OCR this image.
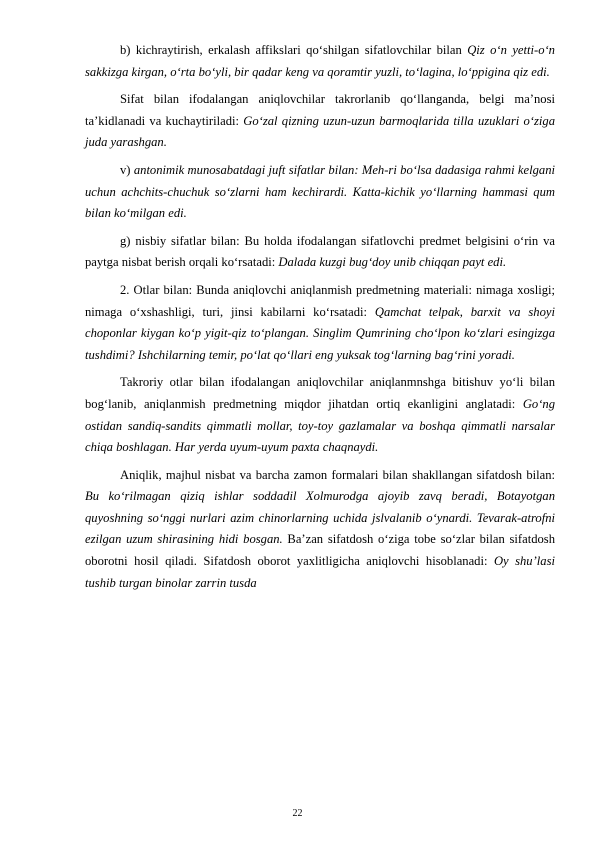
b) kichraytirish, erkalash affikslari qo‘shilgan sifatlovchilar bilan Qiz o‘n yetti-o‘n sakkizga kirgan, o‘rta bo‘yli, bir qadar keng va qoramtir yuzli, to‘lagina, lo‘ppigina qiz edi.

Sifat bilan ifodalangan aniqlovchilar takrorlanib qo‘llanganda, belgi ma’nosi ta’kidlanadi va kuchaytiriladi: Go‘zal qizning uzun-uzun barmoqlarida tilla uzuklari o‘ziga juda yarashgan.

v) antonimik munosabatdagi juft sifatlar bilan: Meh-ri bo‘lsa dadasiga rahmi kelgani uchun achchits-chuchuk so‘zlarni ham kechirardi. Katta-kichik yo‘llarning hammasi qum bilan ko‘milgan edi.

g) nisbiy sifatlar bilan: Bu holda ifodalangan sifatlovchi predmet belgisini o‘rin va paytga nisbat berish orqali ko‘rsatadi: Dalada kuzgi bug‘doy unib chiqqan payt edi.

2. Otlar bilan: Bunda aniqlovchi aniqlanmish predmetning materiali: nimaga xosligi; nimaga o‘xshashligi, turi, jinsi kabilarni ko‘rsatadi: Qamchat telpak, barxit va shoyi choponlar kiygan ko‘p yigit-qiz to‘plangan. Singlim Qumrining cho‘lpon ko‘zlari esingizga tushdimi? Ishchilarning temir, po‘lat qo‘llari eng yuksak tog‘larning bag‘rini yoradi.

Takroriy otlar bilan ifodalangan aniqlovchilar aniqlanmnshga bitishuv yo‘li bilan bog‘lanib, aniqlanmish predmetning miqdor jihatdan ortiq ekanligini anglatadi: Go‘ng ostidan sandiq-sandits qimmatli mollar, toy-toy gazlamalar va boshqa qimmatli narsalar chiqa boshlagan. Har yerda uyum-uyum paxta chaqnaydi.

Aniqlik, majhul nisbat va barcha zamon formalari bilan shakllangan sifatdosh bilan: Bu ko‘rilmagan qiziq ishlar soddadil Xolmurodga ajoyib zavq beradi, Botayotgan quyoshning so‘nggi nurlari azim chinorlarning uchida jslvalanib o‘ynardi. Tevarak-atrofni ezilgan uzum shirasining hidi bosgan. Ba’zan sifatdosh o‘ziga tobe so‘zlar bilan sifatdosh oborotni hosil qiladi. Sifatdosh oborot yaxlitligicha aniqlovchi hisoblanadi: Oy shu’lasi tushib turgan binolar zarrin tusda

22
